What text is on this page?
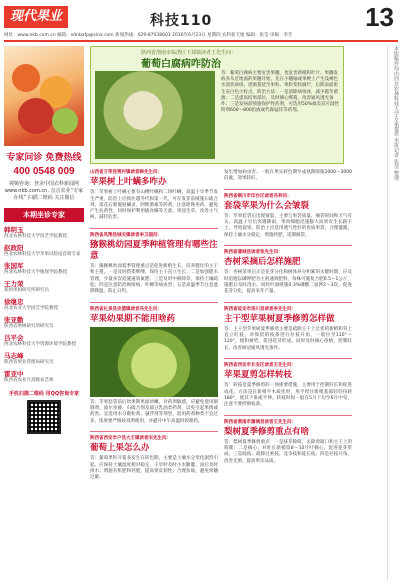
现代果业	科技110	13
网址：www.nkb.com.cn 邮箱：xdnbxfp@sina.com 新闻热线：029-87038601 2016年6月23日 星期四 农科新天地 编辑：张莹 审稿：李芳
专家问诊 免费热线
400 0548 009
视频咨询：登录中国农科新闻网 www.nkb.com.cn, 点击农业“专家在线” 扫描二维码 关注微信
本期坐诊专家
韩明玉
西北农林科技大学园艺学院教授
赵政阳
西北农林科技大学苹果试验站首席专家
张国军
西北农林科技大学植保学院教授
王力荣
郑州果树研究所研究员
徐继忠
河北农业大学园艺学院教授
张亚勤
陕西省果树研究所研究员
吕平会
西北农林科技大学资源环境学院教授
马志峰
陕西省果业管理局研究员
雷亚中
陕西省农业厅高级农艺师
手机扫描二维码 用QQ咨询专家
陕西省渭南市临渭区下邽镇读者王先生问：
葡萄白腐病咋防治
答：葡萄白腐病主要危害果穗，也危害新梢和叶片。果穗发病多从近地面的果穗开始，先在小穗轴或果梗上产生浅褐色水渍状病斑，逐渐蔓延至果粒，果粒变软腐烂，后期表面密生灰白色小粒点。防治方法：一是清除病残体，减少越冬菌源；二是提高结果部位，及时摘心绑蔓，改善通风透光条件；三是发病前喷施保护性药剂，可选用50%福美双可湿性粉剂600～800倍液或代森锰锌等药剂。
山西省万荣县贾村镇读者韩先生问：
苹果树上叶螨多咋办
答：苹果树上叶螨主要有山楂叶螨和二斑叶螨，高温干旱季节发生严重。防治上应抓住越冬代和第一代，可在发芽前喷施石硫合剂，落花后喷施哒螨灵、阿维菌素等药剂，注意轮换用药，避免产生抗药性。同时保护利用捕食螨等天敌，果园生草，改善小气候，减轻危害。
陕西省凤翔县城关镇读者李卫国问：
猕猴桃幼园夏季种植管理有哪些注意
答：猕猴桃幼园夏季管理重点是促进新梢生长，培养健壮的主干和主蔓。一是及时搭架绑缚，保持主干直立生长；二是加强肥水管理，少量多次追施速效氮肥；三是及时中耕除草，保持土壤疏松；四是注意防治褐斑病、叶蝉等病虫害；五是高温季节注意遮阴降温，防止日灼。
陕西省礼泉县史德镇读者冯先生问：
苹果幼果期不能用啥药
答：苹果套袋前后幼果期果面幼嫩，对药剂敏感，应避免使用铜制剂、波尔多液、石硫合剂及部分乳油类药剂，以免引起果锈或药害。宜选用水分散粒剂、悬浮剂等剂型，混用药剂种类不宜过多，浓度要严格按说明使用，并避开中午高温时段喷药。
陕西省西安市户县大王镇读者宋先生问：
葡萄上果怎么办
答：葡萄果粒开裂多发生在转色期，主要是土壤水分变化剧烈引起。应保持土壤湿度相对稳定，干旱时及时小水勤灌，雨后及时排水；增施有机肥和钙肥，提高果皮韧性；合理负载，避免果穗过紧。
发生增加病虫害。一般在果实转色期至成熟期喷施2000～3000倍液，效果较好。
陕西省铜川市印台区读者冯利问：
套袋苹果为什么会皱裂
答：苹果套袋后出现皱裂，主要与果袋质量、摘袋时间和天气有关。高温干旱后突遇降雨，果肉细胞迅速膨大而果皮生长跟不上，导致裂果。防治上应选用透气性好的优质果袋，合理灌溉，保持土壤水分稳定，增施钙肥，适期摘袋。
陕西省蒲城县读者张先生问：
杏树采摘后怎样施肥
答：杏树采果后正是花芽分化和树体养分积累的关键时期，应及时追施以磷钾肥为主的速效肥料，每株可施复合肥0.5～1公斤，施肥后及时浇水。同时叶面喷施0.3%磷酸二氢钾2～3次，促进花芽分化，提高来年产量。
陕西省延安市洛川县读者李先生问：
主干型苹果树夏季修剪怎样做
答：主干型苹果树夏季修剪主要是疏除主干上过密的新梢和背上直立旺枝，对保留的枝条进行拉枝开角，一般拉至110°～120°，缓和树势，促进花芽形成。同时及时摘心扭梢，控制旺长，改善树冠通风透光条件。
陕西省西安市长安区读者王先生问：
苹果夏剪怎样转枝
答：转枝是夏季修剪的一项重要措施，主要用于控制旺长和促进成花。方法是在新梢半木质化时，用手捏住新梢基部轻轻扭转180°，使其下垂或平伸。转枝时间一般在5月下旬至6月中旬，注意不要折断枝条。
陕西省渭南市蒲城县读者王先生问：
梨树夏季修剪重点有啥
答：梨树夏季修剪重点：一是抹芽除萌，去除剪锯口和主干上的萌蘖；二是摘心，对旺长新梢留8～10片叶摘心，促进花芽形成；三是疏枝，疏除过密枝、竞争枝和徒长枝；四是拉枝开角，改善光照，提高果实品质。
本版稿件均由西北农林科技大学专家提供 本报记者 张莹 整理
